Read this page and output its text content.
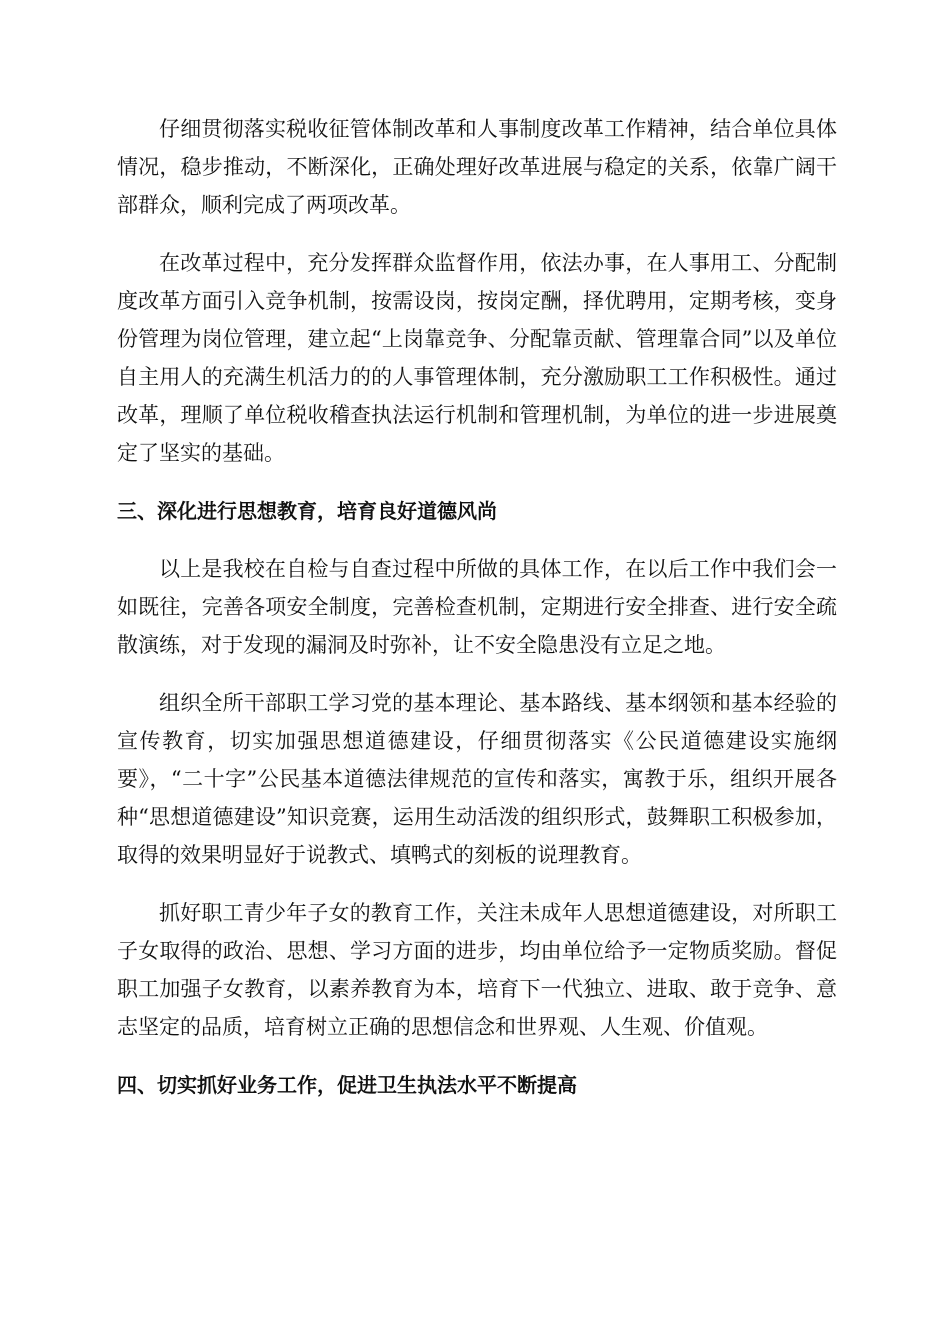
仔细贯彻落实税收征管体制改革和人事制度改革工作精神，结合单位具体情况，稳步推动，不断深化，正确处理好改革进展与稳定的关系，依靠广阔干部群众，顺利完成了两项改革。

在改革过程中，充分发挥群众监督作用，依法办事，在人事用工、分配制度改革方面引入竞争机制，按需设岗，按岗定酬，择优聘用，定期考核，变身份管理为岗位管理，建立起“上岗靠竞争、分配靠贡献、管理靠合同”以及单位自主用人的充满生机活力的的人事管理体制，充分激励职工工作积极性。通过改革，理顺了单位税收稽查执法运行机制和管理机制，为单位的进一步进展奠定了坚实的基础。

三、深化进行思想教育，培育良好道德风尚

以上是我校在自检与自查过程中所做的具体工作，在以后工作中我们会一如既往，完善各项安全制度，完善检查机制，定期进行安全排查、进行安全疏散演练，对于发现的漏洞及时弥补，让不安全隐患没有立足之地。

组织全所干部职工学习党的基本理论、基本路线、基本纲领和基本经验的宣传教育，切实加强思想道德建设，仔细贯彻落实《公民道德建设实施纲要》，“二十字”公民基本道德法律规范的宣传和落实，寓教于乐，组织开展各种“思想道德建设”知识竞赛，运用生动活泼的组织形式，鼓舞职工积极参加，取得的效果明显好于说教式、填鸭式的刻板的说理教育。

抓好职工青少年子女的教育工作，关注未成年人思想道德建设，对所职工子女取得的政治、思想、学习方面的进步，均由单位给予一定物质奖励。督促职工加强子女教育，以素养教育为本，培育下一代独立、进取、敢于竞争、意志坚定的品质，培育树立正确的思想信念和世界观、人生观、价值观。

四、切实抓好业务工作，促进卫生执法水平不断提高
